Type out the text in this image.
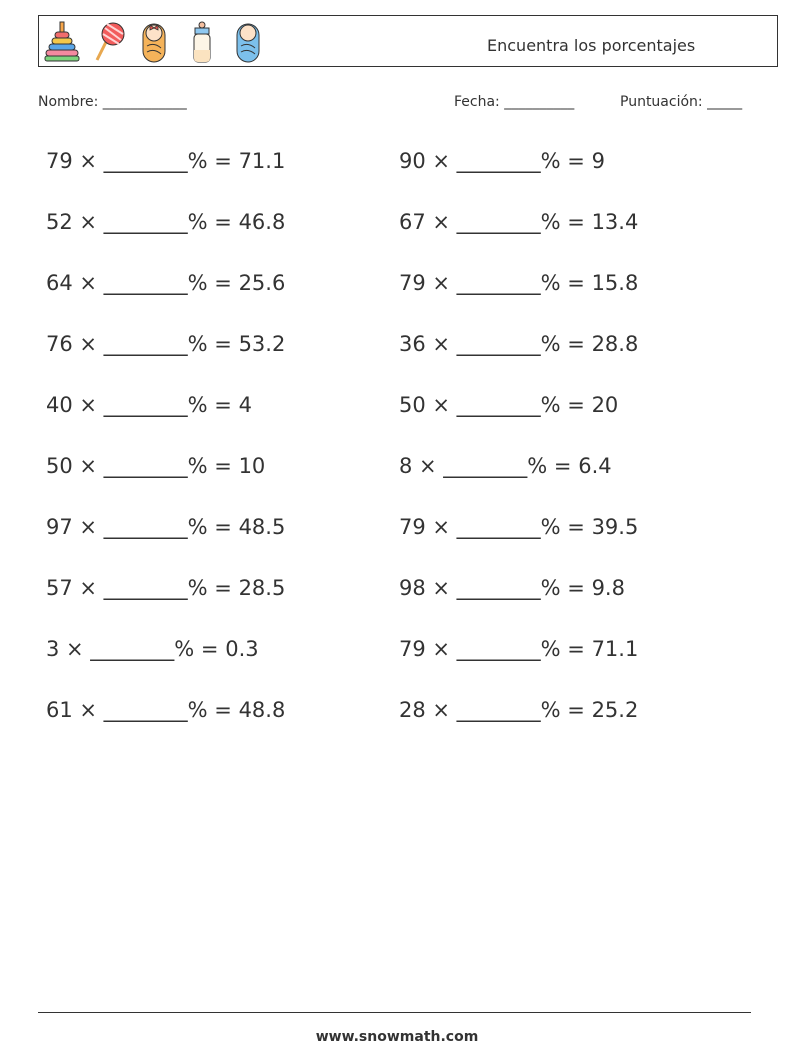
Encuentra los porcentajes
Nombre: ____________	Fecha: __________	Puntuación: _____
79 × ________% = 71.1
52 × ________% = 46.8
64 × ________% = 25.6
76 × ________% = 53.2
40 × ________% = 4
50 × ________% = 10
97 × ________% = 48.5
57 × ________% = 28.5
3 × ________% = 0.3
61 × ________% = 48.8
90 × ________% = 9
67 × ________% = 13.4
79 × ________% = 15.8
36 × ________% = 28.8
50 × ________% = 20
8 × ________% = 6.4
79 × ________% = 39.5
98 × ________% = 9.8
79 × ________% = 71.1
28 × ________% = 25.2
www.snowmath.com
